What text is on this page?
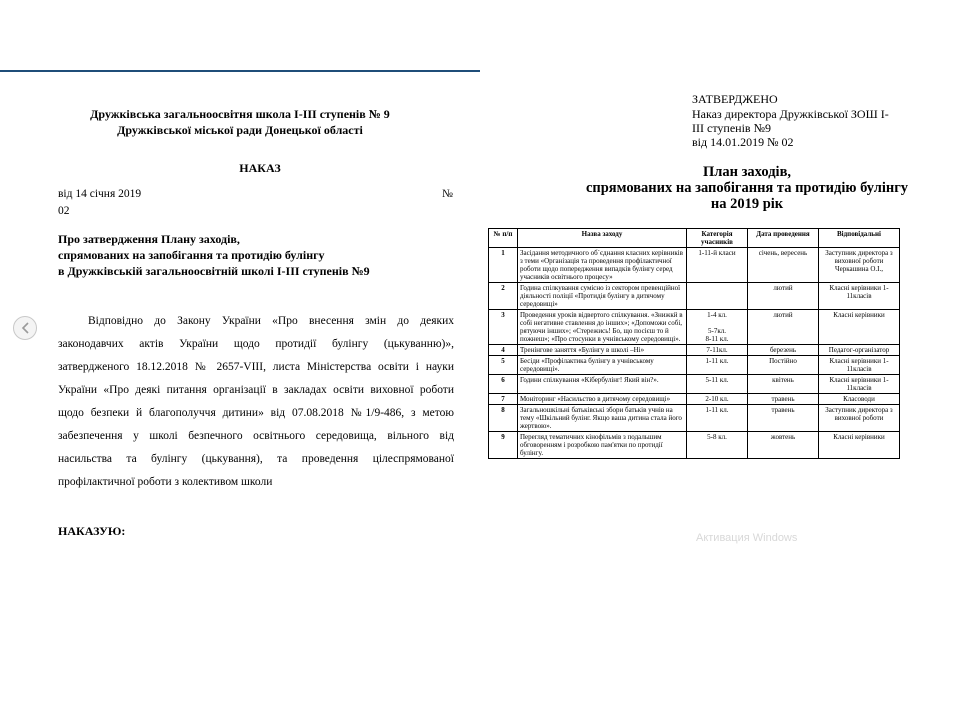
Дружківська загальноосвітня школа І-ІІІ ступенів № 9
Дружківської міської ради Донецької області
НАКАЗ
від 14 січня 2019	№
02
Про затвердження Плану заходів,
спрямованих на запобігання та протидію булінгу
в Дружківській загальноосвітній школі І-ІІІ ступенів №9
Відповідно до Закону України «Про внесення змін до деяких
законодавчих актів України щодо протидії булінгу (цькуванню)»,
затвердженого 18.12.2018 № 2657-VIII, листа Міністерства освіти і науки
України «Про деякі питання організації в закладах освіти виховної роботи
щодо безпеки й благополуччя дитини» від 07.08.2018 №1/9-486, з метою
забезпечення у школі безпечного освітнього середовища, вільного від
насильства та булінгу (цькування), та проведення цілеспрямованої
профілактичної роботи з колективом школи
НАКАЗУЮ:
ЗАТВЕРДЖЕНО
Наказ директора Дружківської ЗОШ І-
ІІІ ступенів №9
від 14.01.2019 № 02
План заходів,
спрямованих на запобігання та протидію булінгу
на 2019 рік
№ п/п	Назва заходу	Категорія учасників	Дата проведення	Відповідальні
1	Засідання методичного об`єднання класних керівників з теми «Організація та проведення профілактичної роботи щодо попередження випадків булінгу серед учасників освітнього процесу»	1-11-й класи	січень, вересень	Заступник директора з виховної роботи Черкашина О.І.,
2	Година спілкування сумісно із сектором превенційної діяльності поліції «Протидія булінгу в дитячому середовищі»		лютий	Класні керівники 1-11класів
3	Проведення уроків відвертого спілкування. «Знижкй в собі негативне ставлення до інших»; «Допоможи собі, рятуючи інших»; «Стережись! Бо, що посієш то й пожнеш»; «Про стосунки в учнівському середовищі».	1-4 кл.

5-7кл.
8-11 кл.	лютий	Класні керівники
4	Тренінгове заняття «Булінгу в школі –Ні»	7-11кл.	березень	Педагог-організатор
5	Бесіди «Профілактика булінгу в учнівському середовищі».	1-11 кл.	Постійно	Класні керівники 1-11класів
6	Години спілкування «Кібербулінг! Який він?».	5-11 кл.	квітень	Класні керівники 1-11класів
7	Моніторинг «Насильство в дитячому середовищі»	2-10 кл.	травень	Класоводи
8	Загальношкільні батьківські збори батьків учнів на тему «Шкільний булінг. Якщо ваша дитина стала його жертвою».	1-11 кл.	травень	Заступник директора з виховної роботи
9	Перегляд тематичних кінофільмів з подальшим обговоренням і розробкою пам'ятки по протидії булінгу.	5-8 кл.	жовтень	Класні керівники
Активация Windows
